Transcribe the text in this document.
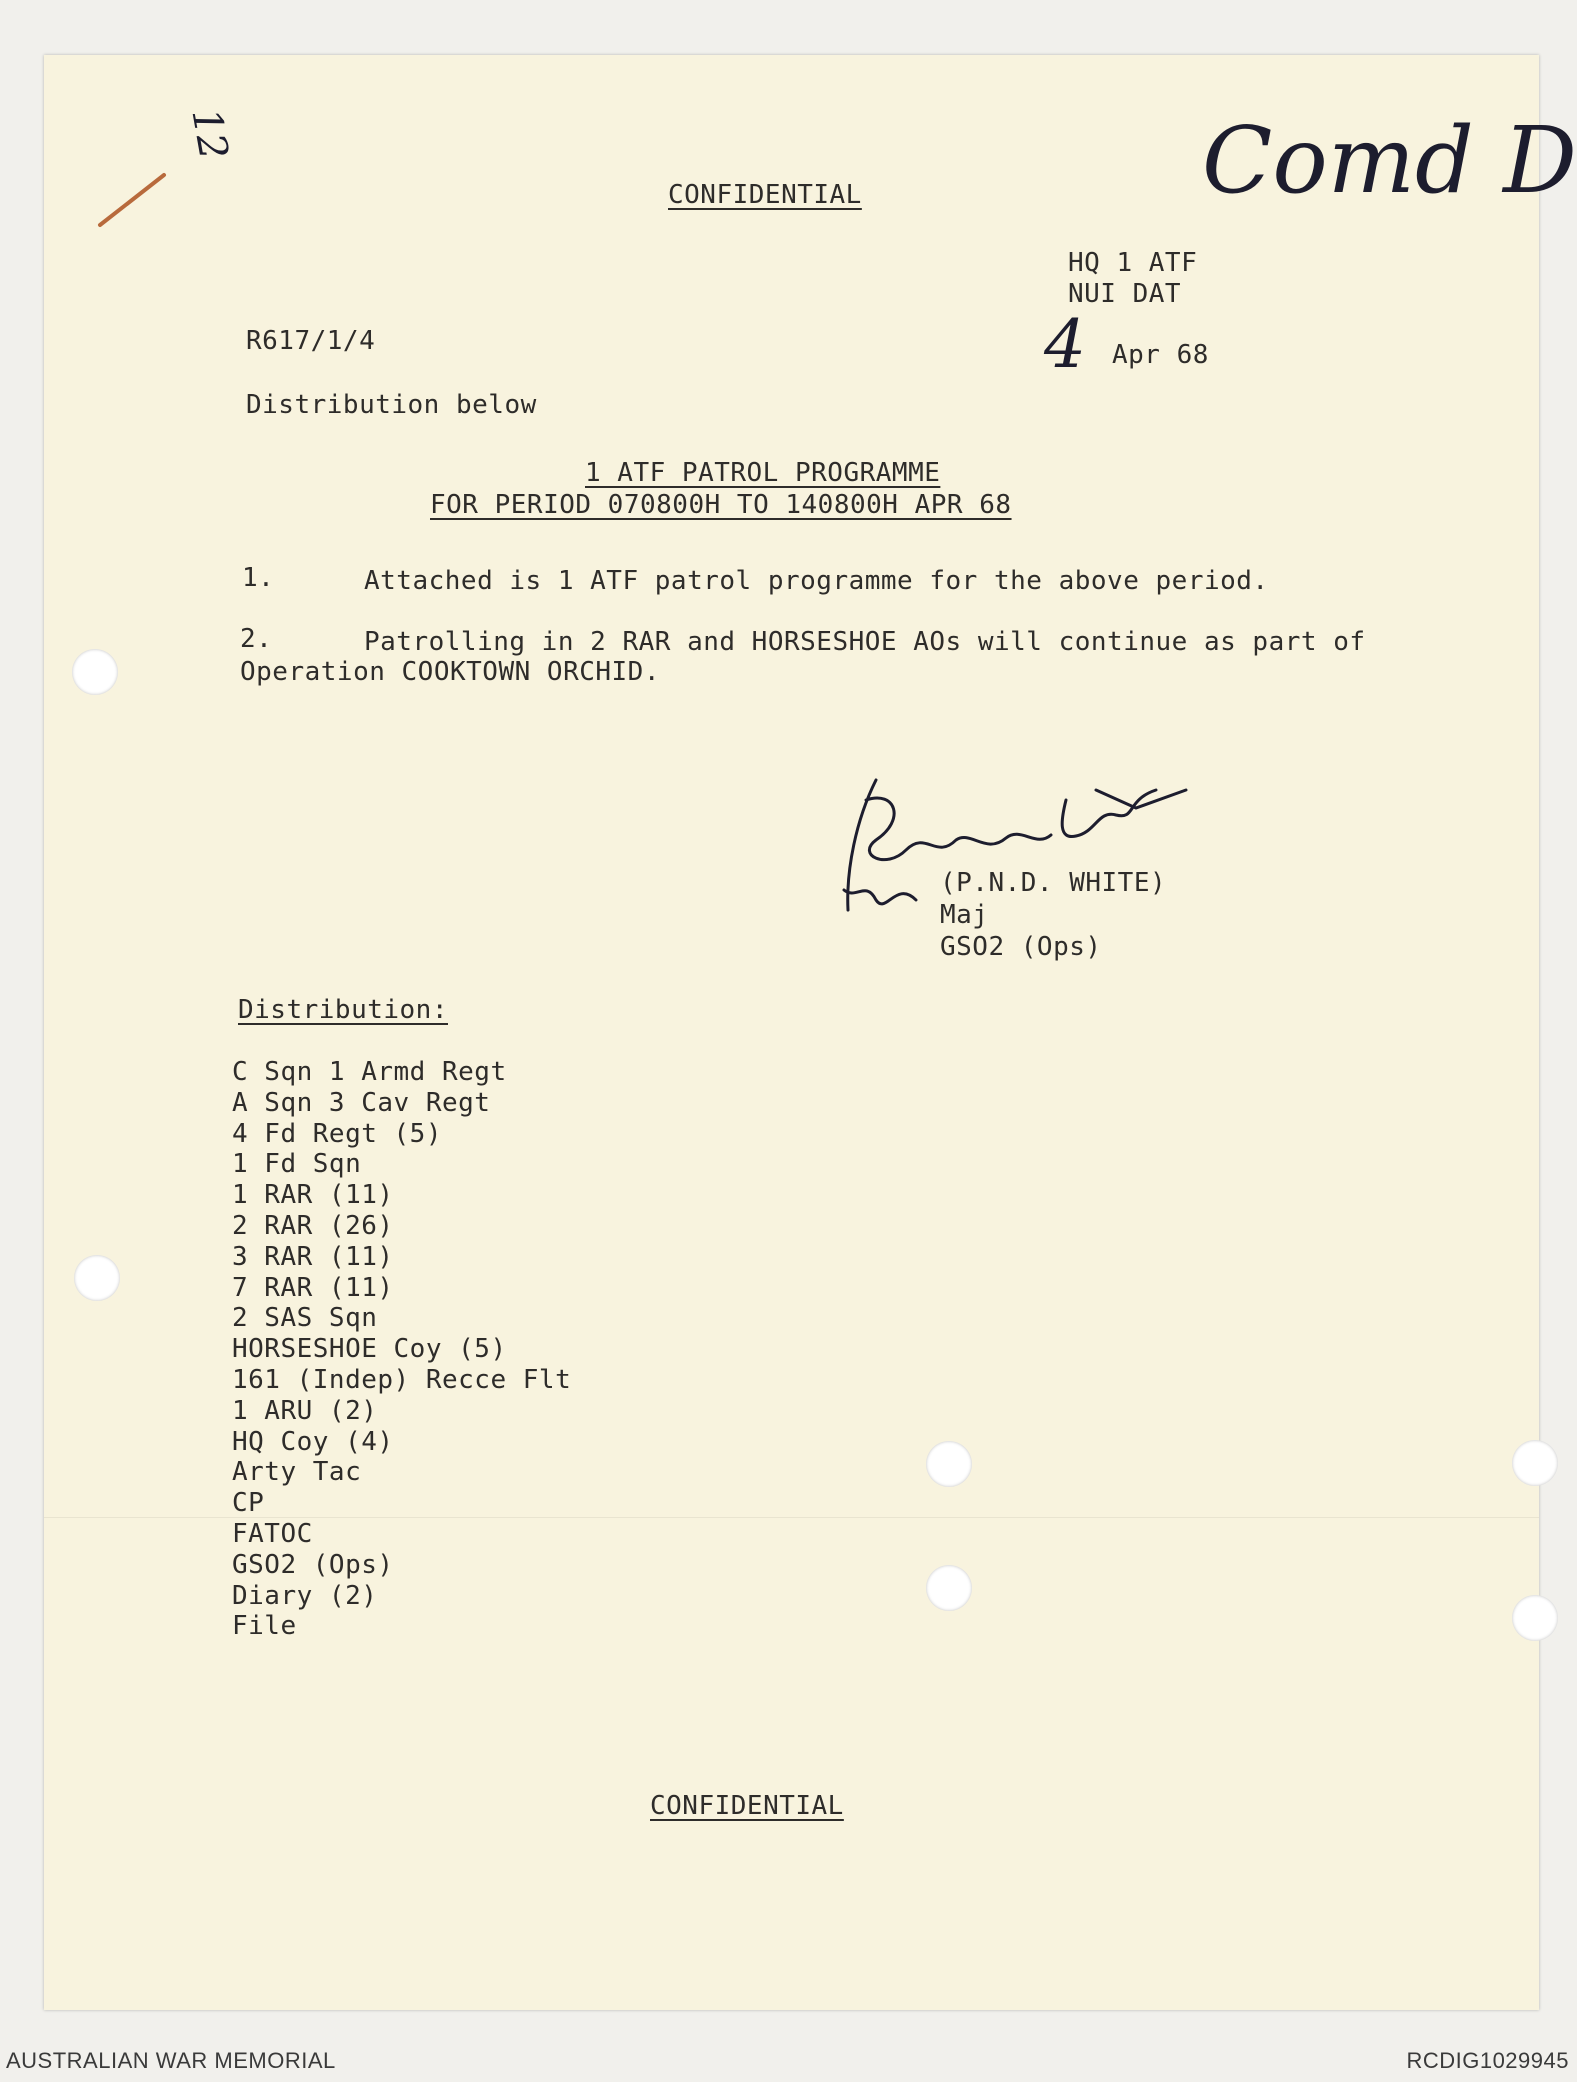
12	Comd D
CONFIDENTIAL
HQ 1 ATF
NUI DAT
4 Apr 68
R617/1/4
Distribution below
1 ATF PATROL PROGRAMME
FOR PERIOD 070800H TO 140800H APR 68
1.	Attached is 1 ATF patrol programme for the above period.
2.	Patrolling in 2 RAR and HORSESHOE AOs will continue as part of
Operation COOKTOWN ORCHID.
(P.N.D. WHITE)
Maj
GSO2 (Ops)
Distribution:
C Sqn 1 Armd Regt
A Sqn 3 Cav Regt
4 Fd Regt (5)
1 Fd Sqn
1 RAR (11)
2 RAR (26)
3 RAR (11)
7 RAR (11)
2 SAS Sqn
HORSESHOE Coy (5)
161 (Indep) Recce Flt
1 ARU (2)
HQ Coy (4)
Arty Tac
CP
FATOC
GSO2 (Ops)
Diary (2)
File
CONFIDENTIAL
AUSTRALIAN WAR MEMORIAL	RCDIG1029945
